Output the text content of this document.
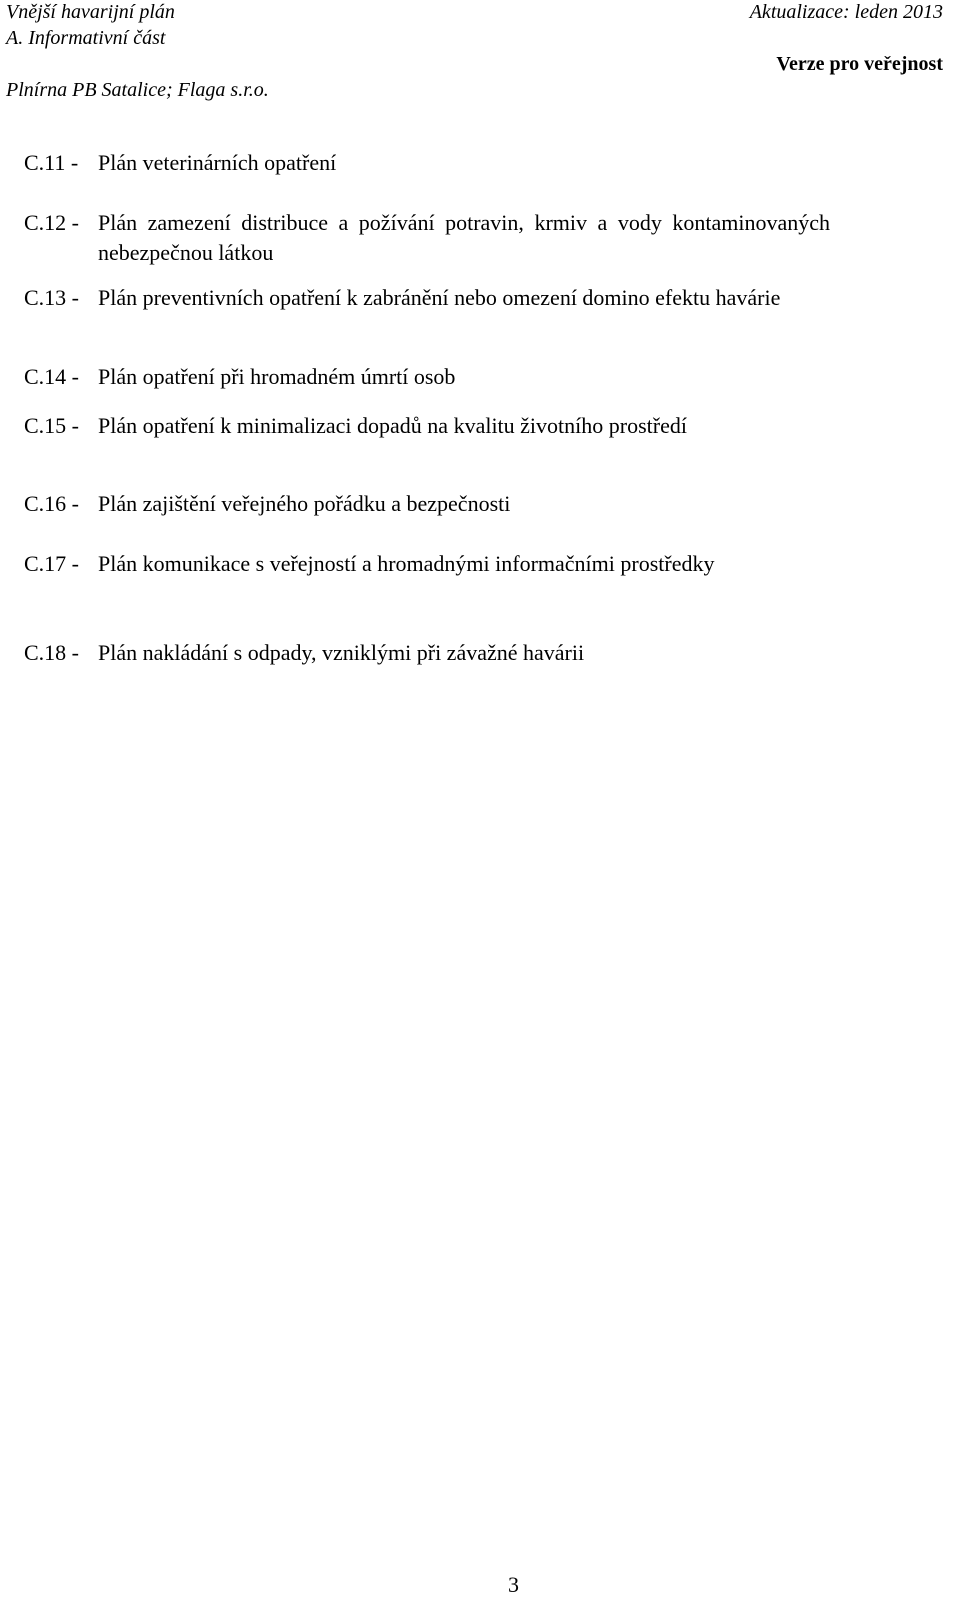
Vnější havarijní plán
A. Informativní část
Plnírna PB Satalice; Flaga s.r.o.
Aktualizace: leden 2013
Verze pro veřejnost
C.11 - Plán veterinárních opatření
C.12 - Plán zamezení distribuce a požívání potravin, krmiv a vody kontaminovaných nebezpečnou látkou
C.13 - Plán preventivních opatření k zabránění nebo omezení domino efektu havárie
C.14 - Plán opatření při hromadném úmrtí osob
C.15 - Plán opatření k minimalizaci dopadů na kvalitu životního prostředí
C.16 - Plán zajištění veřejného pořádku a bezpečnosti
C.17 - Plán komunikace s veřejností a hromadnými informačními prostředky
C.18 - Plán nakládání s odpady, vzniklými při závažné havárii
3
